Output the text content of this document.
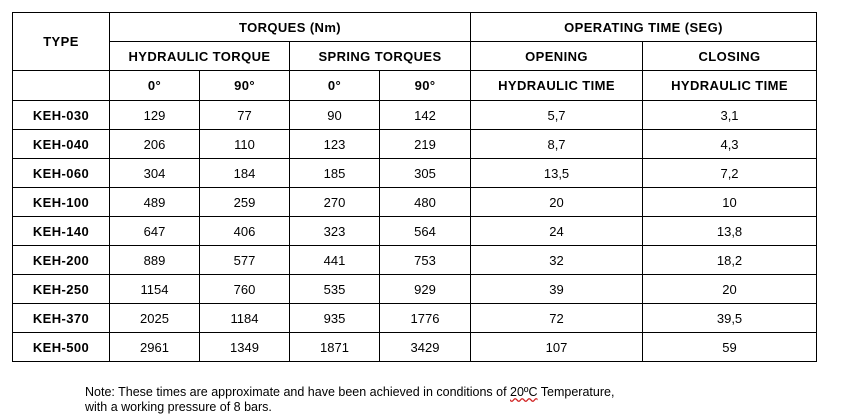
TYPE	TORQUES (Nm)				OPERATING TIME (SEG)	
	HYDRAULIC TORQUE		SPRING TORQUES		OPENING	CLOSING
	0°	90°	0°	90°	HYDRAULIC TIME	HYDRAULIC TIME
KEH-030	129	77	90	142	5,7	3,1
KEH-040	206	110	123	219	8,7	4,3
KEH-060	304	184	185	305	13,5	7,2
KEH-100	489	259	270	480	20	10
KEH-140	647	406	323	564	24	13,8
KEH-200	889	577	441	753	32	18,2
KEH-250	1154	760	535	929	39	20
KEH-370	2025	1184	935	1776	72	39,5
KEH-500	2961	1349	1871	3429	107	59

Note: These times are approximate and have been achieved in conditions of 20ºC Temperature,
with a working pressure of 8 bars.
